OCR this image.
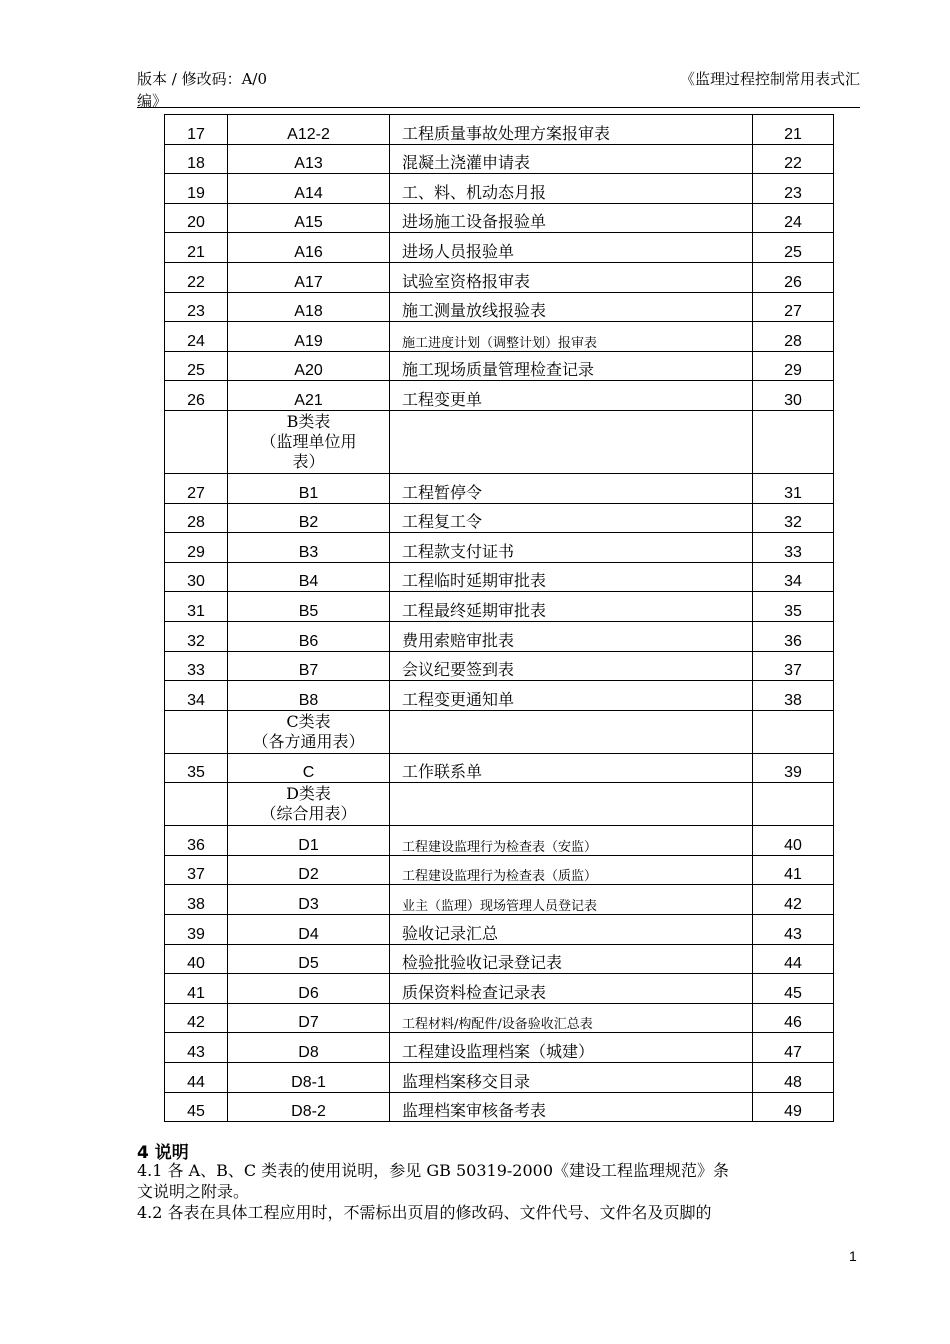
版本 / 修改码：A/0
编》
《监理过程控制常用表式汇
17	A12-2	工程质量事故处理方案报审表	21
18	A13	混凝土浇灌申请表	22
19	A14	工、料、机动态月报	23
20	A15	进场施工设备报验单	24
21	A16	进场人员报验单	25
22	A17	试验室资格报审表	26
23	A18	施工测量放线报验表	27
24	A19	施工进度计划（调整计划）报审表	28
25	A20	施工现场质量管理检查记录	29
26	A21	工程变更单	30

	B类表
（监理单位用
表）		

27	B1	工程暂停令	31
28	B2	工程复工令	32
29	B3	工程款支付证书	33
30	B4	工程临时延期审批表	34
31	B5	工程最终延期审批表	35
32	B6	费用索赔审批表	36
33	B7	会议纪要签到表	37
34	B8	工程变更通知单	38

	C类表
（各方通用表）		

35	C	工作联系单	39

	D类表
（综合用表）		

36	D1	工程建设监理行为检查表（安监）	40
37	D2	工程建设监理行为检查表（质监）	41
38	D3	业主（监理）现场管理人员登记表	42
39	D4	验收记录汇总	43
40	D5	检验批验收记录登记表	44
41	D6	质保资料检查记录表	45
42	D7	工程材料/构配件/设备验收汇总表	46
43	D8	工程建设监理档案（城建）	47
44	D8-1	监理档案移交目录	48
45	D8-2	监理档案审核备考表	49
4 说明
4.1 各 A、B、C 类表的使用说明，参见 GB 50319-2000《建设工程监理规范》条
文说明之附录。
4.2 各表在具体工程应用时，不需标出页眉的修改码、文件代号、文件名及页脚的
1
